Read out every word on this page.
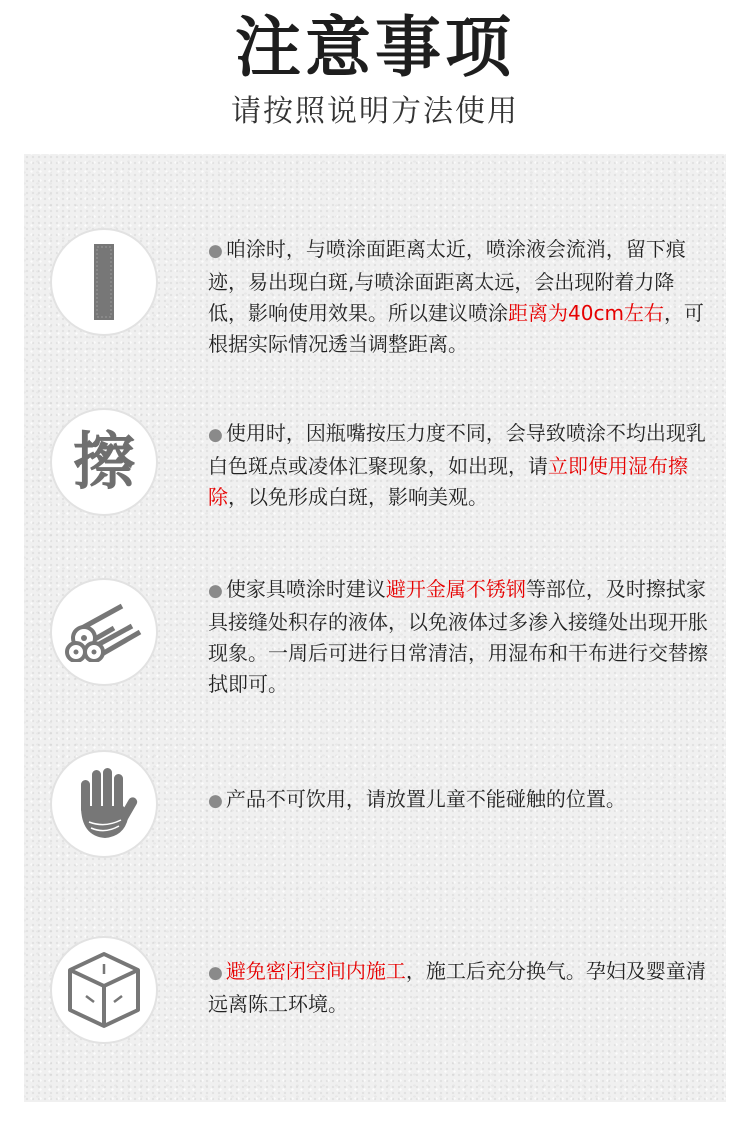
注意事项
请按照说明方法使用
● 咱涂时，与喷涂面距离太近，喷涂液会流消，留下痕迹，易出现白斑,与喷涂面距离太远，会出现附着力降低，影响使用效果。所以建议喷涂距离为40cm左右，可根据实际情况透当调整距离。
擦	● 使用时，因瓶嘴按压力度不同，会导致喷涂不均出现乳白色斑点或凌体汇聚现象，如出现，请立即使用湿布擦除，以免形成白斑，影响美观。
● 使家具喷涂时建议避开金属不锈钢等部位，及时擦拭家具接缝处积存的液体，以免液体过多渗入接缝处出现开胀现象。一周后可进行日常清洁，用湿布和干布进行交替擦拭即可。
● 产品不可饮用，请放置儿童不能碰触的位置。
● 避免密闭空间内施工，施工后充分换气。孕妇及婴童清远离陈工环境。
